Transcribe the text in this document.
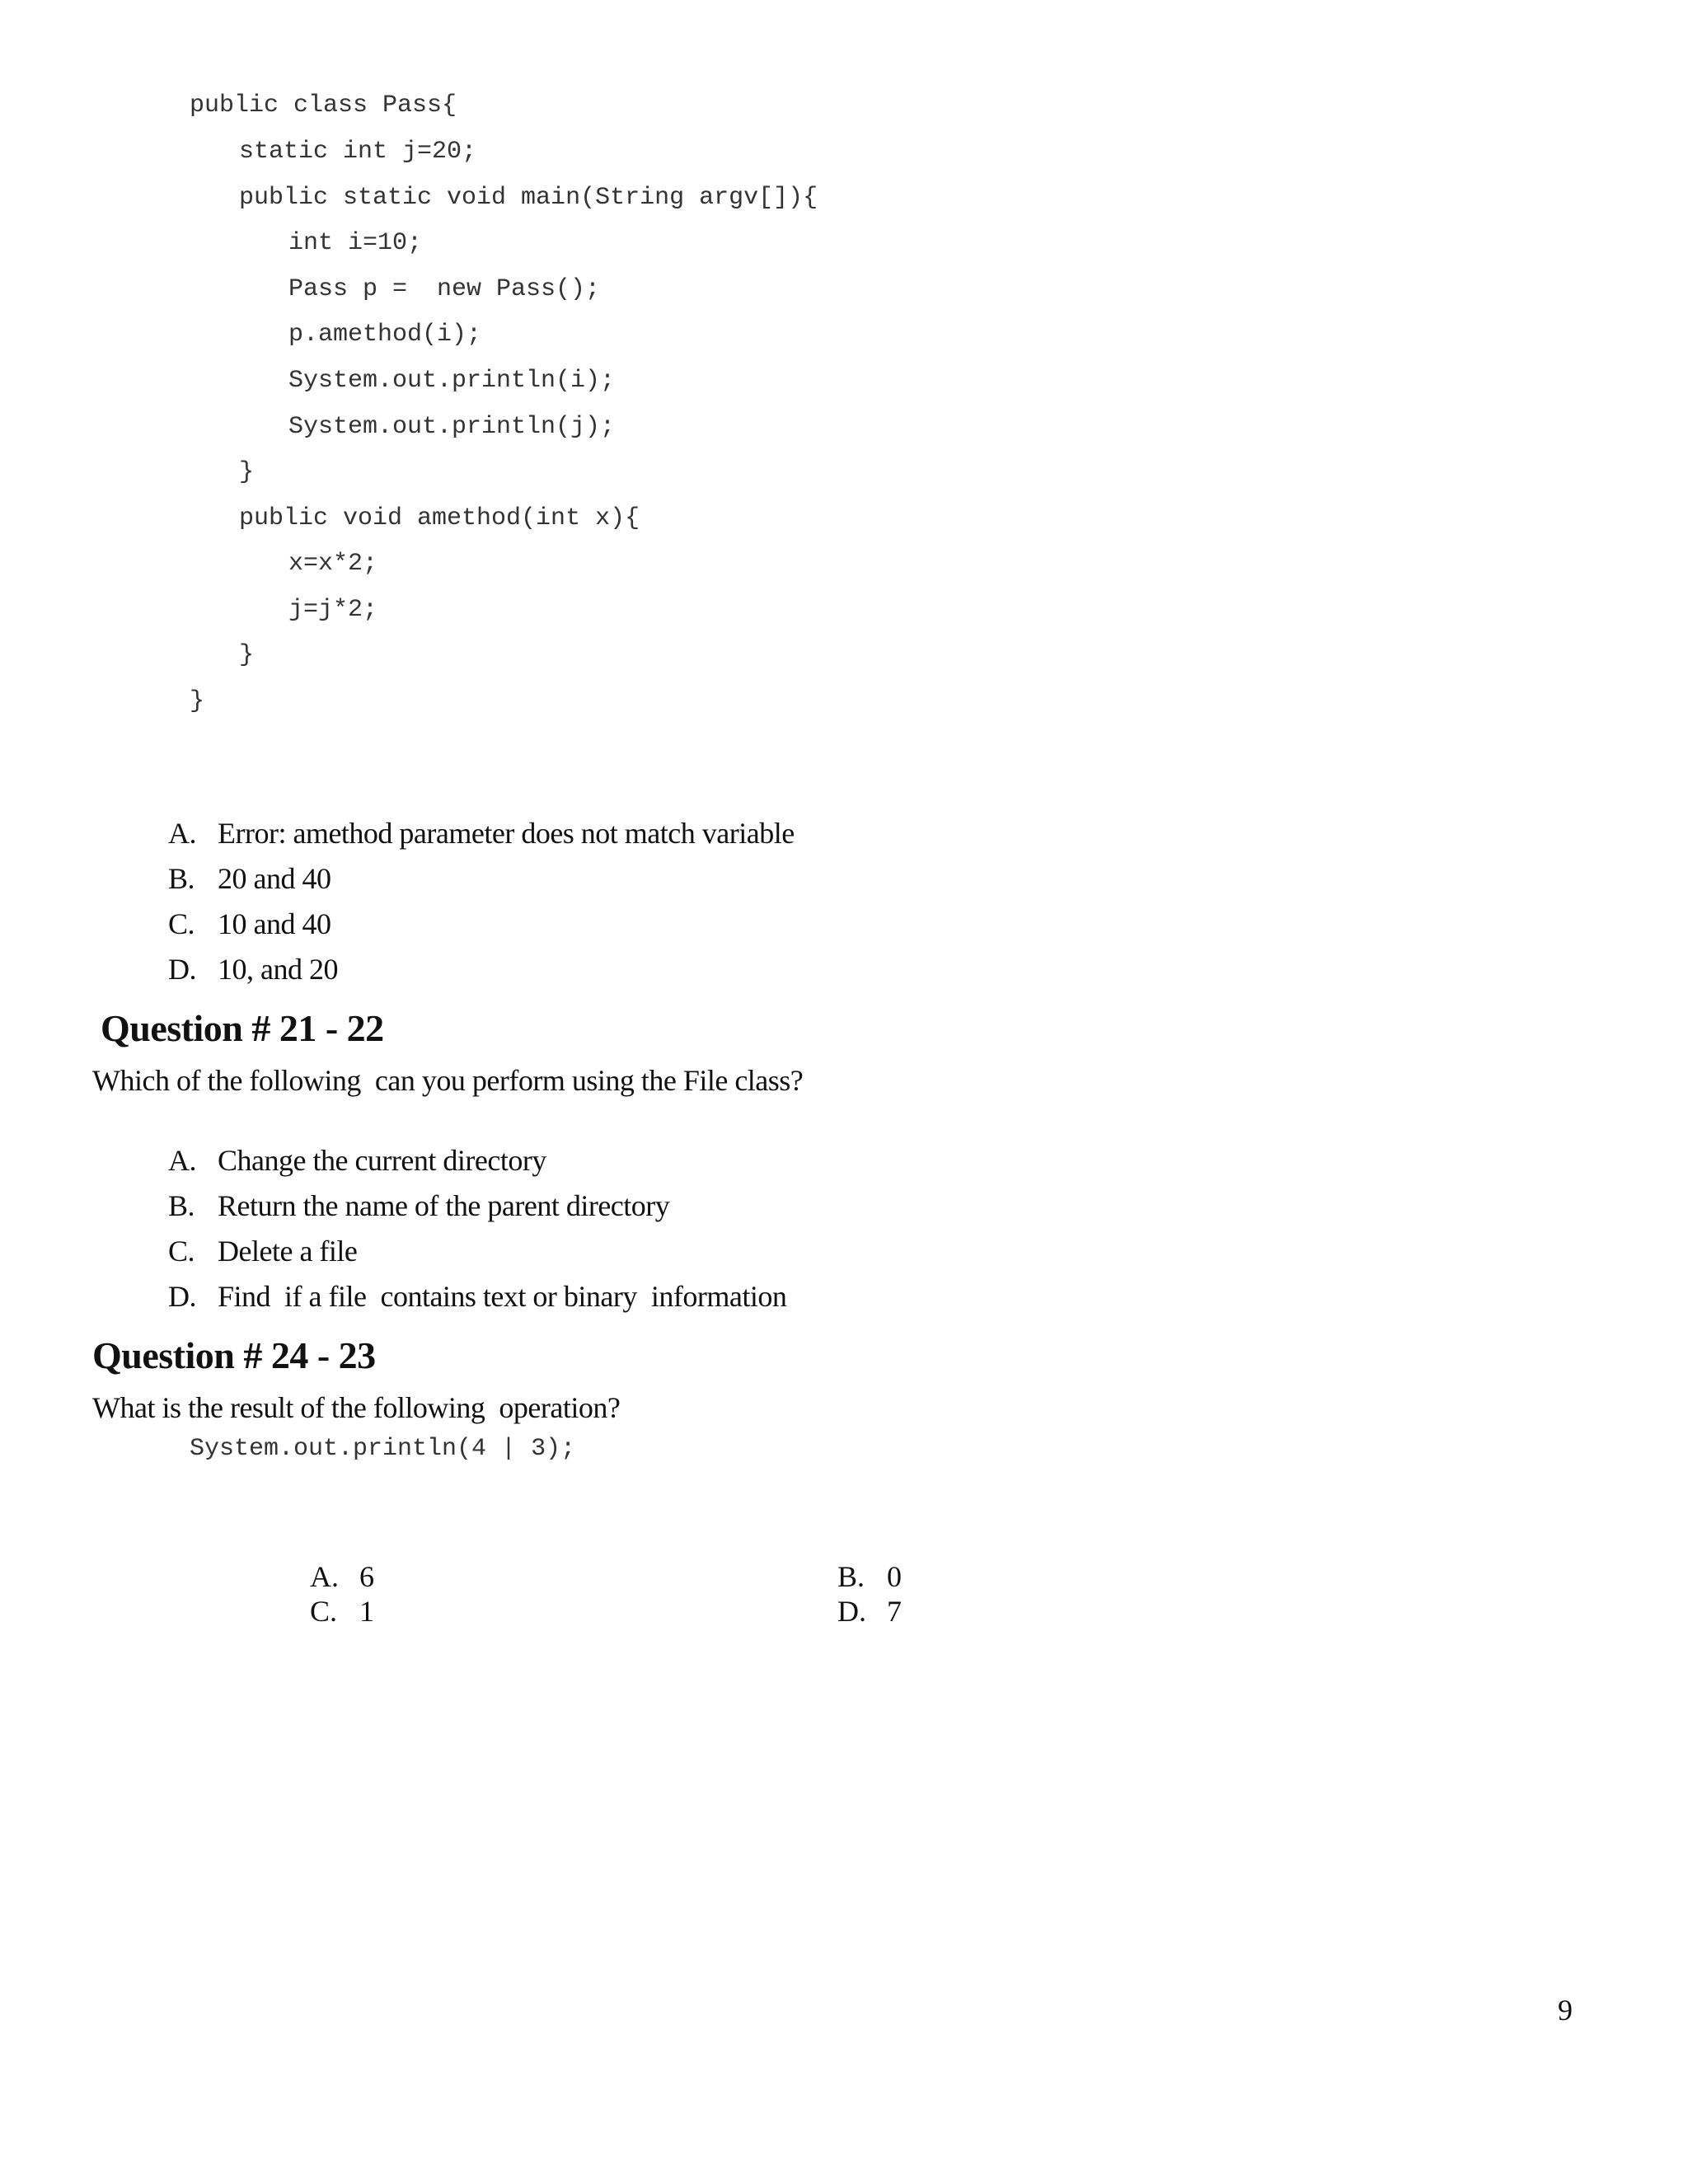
public class Pass{
static int j=20;
public static void main(String argv[]){
int i=10;
Pass p =  new Pass();
p.amethod(i);
System.out.println(i);
System.out.println(j);
}
public void amethod(int x){
x=x*2;
j=j*2;
}
}

A. Error: amethod parameter does not match variable

B. 20 and 40

C. 10 and 40

D. 10, and 20

Question # 21 - 22
Which of the following  can you perform using the File class?

A. Change the current directory

B. Return the name of the parent directory

C. Delete a file

D. Find  if a file  contains text or binary  information

Question # 24 - 23
What is the result of the following  operation?
System.out.println(4 | 3);

A. 6
	B. 0

C. 1
	D. 7

9
